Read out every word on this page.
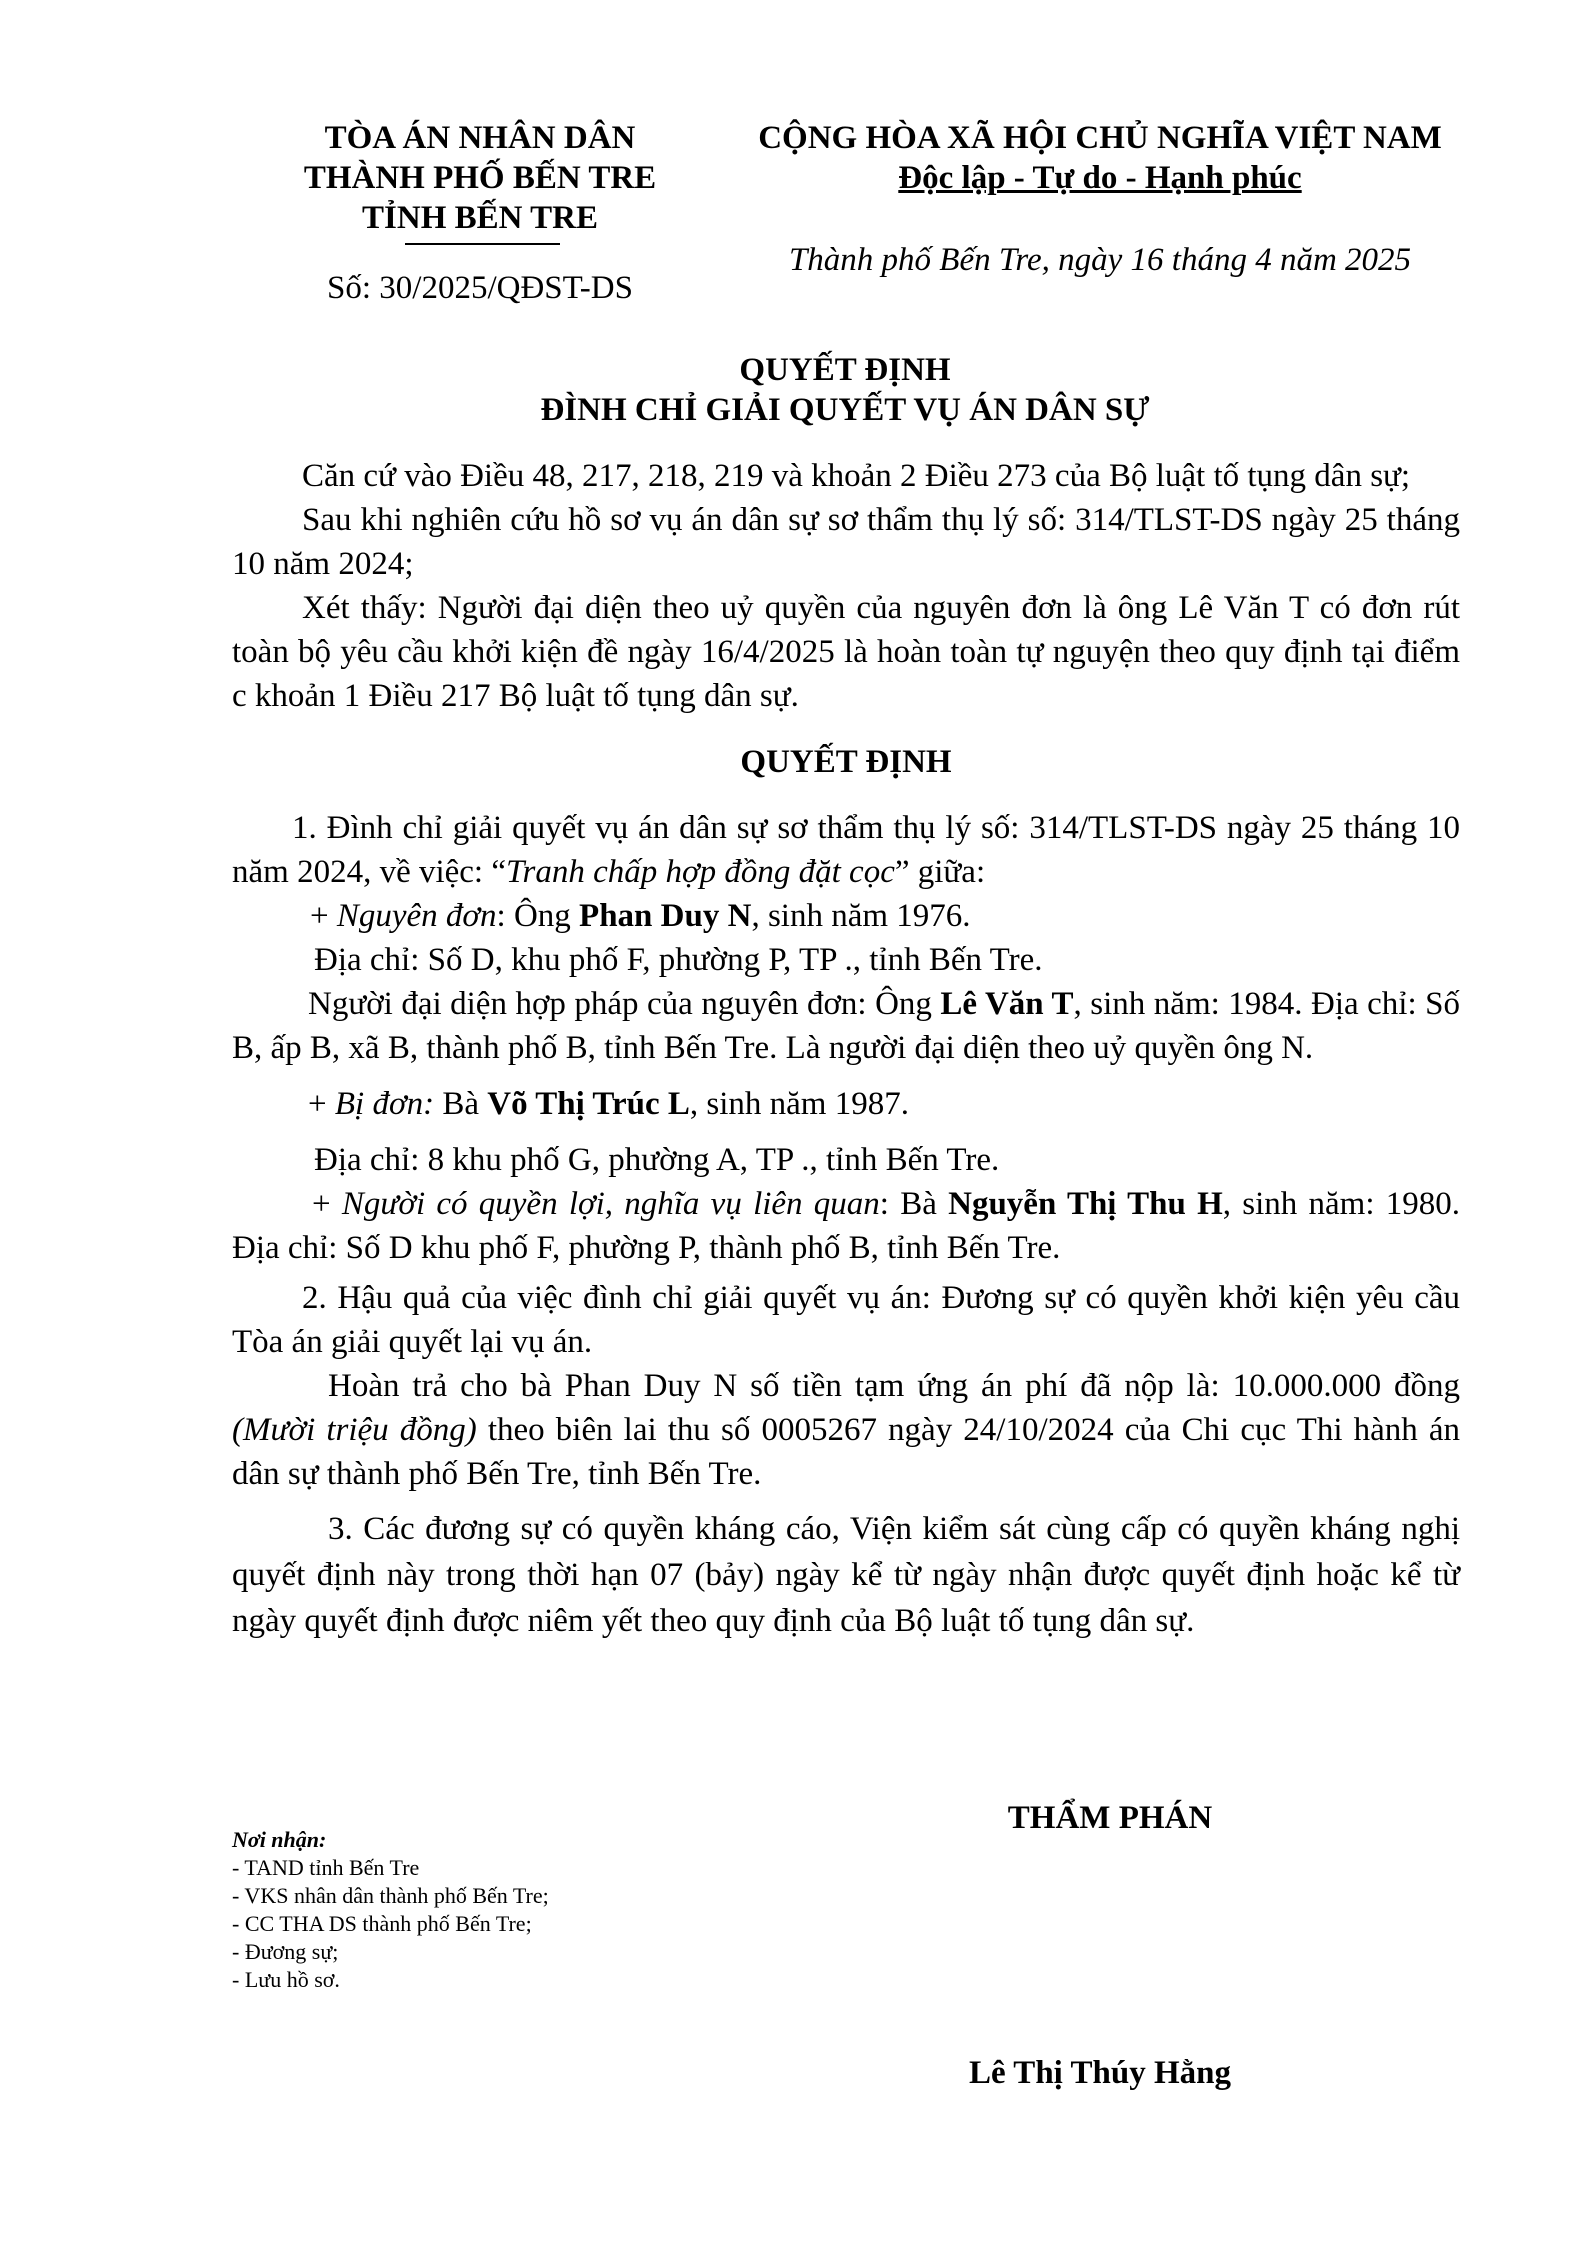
TÒA ÁN NHÂN DÂN
THÀNH PHỐ BẾN TRE
TỈNH BẾN TRE
Số: 30/2025/QĐST-DS
CỘNG HÒA XÃ HỘI CHỦ NGHĨA VIỆT NAM
Độc lập - Tự do - Hạnh phúc
Thành phố Bến Tre, ngày 16 tháng 4 năm 2025
QUYẾT ĐỊNH
ĐÌNH CHỈ GIẢI QUYẾT VỤ ÁN DÂN SỰ

Căn cứ vào Điều 48, 217, 218, 219 và khoản 2 Điều 273 của Bộ luật tố tụng dân sự;

Sau khi nghiên cứu hồ sơ vụ án dân sự sơ thẩm thụ lý số: 314/TLST-DS ngày 25 tháng 10 năm 2024;

Xét thấy: Người đại diện theo uỷ quyền của nguyên đơn là ông Lê Văn T có đơn rút toàn bộ yêu cầu khởi kiện đề ngày 16/4/2025 là hoàn toàn tự nguyện theo quy định tại điểm c khoản 1 Điều 217 Bộ luật tố tụng dân sự.

QUYẾT ĐỊNH

1. Đình chỉ giải quyết vụ án dân sự sơ thẩm thụ lý số: 314/TLST-DS ngày 25 tháng 10 năm 2024, về việc: “Tranh chấp hợp đồng đặt cọc” giữa:

+ Nguyên đơn: Ông Phan Duy N, sinh năm 1976.

Địa chỉ: Số D, khu phố F, phường P, TP ., tỉnh Bến Tre.

Người đại diện hợp pháp của nguyên đơn: Ông Lê Văn T, sinh năm: 1984. Địa chỉ: Số B, ấp B, xã B, thành phố B, tỉnh Bến Tre. Là người đại diện theo uỷ quyền ông N.

+ Bị đơn: Bà Võ Thị Trúc L, sinh năm 1987.

Địa chỉ: 8 khu phố G, phường A, TP ., tỉnh Bến Tre.

+ Người có quyền lợi, nghĩa vụ liên quan: Bà Nguyễn Thị Thu H, sinh năm: 1980. Địa chỉ: Số D khu phố F, phường P, thành phố B, tỉnh Bến Tre.

2. Hậu quả của việc đình chỉ giải quyết vụ án: Đương sự có quyền khởi kiện yêu cầu Tòa án giải quyết lại vụ án.

Hoàn trả cho bà Phan Duy N số tiền tạm ứng án phí đã nộp là: 10.000.000 đồng (Mười triệu đồng) theo biên lai thu số 0005267 ngày 24/10/2024 của Chi cục Thi hành án dân sự thành phố Bến Tre, tỉnh Bến Tre.

3. Các đương sự có quyền kháng cáo, Viện kiểm sát cùng cấp có quyền kháng nghị quyết định này trong thời hạn 07 (bảy) ngày kể từ ngày nhận được quyết định hoặc kể từ ngày quyết định được niêm yết theo quy định của Bộ luật tố tụng dân sự.

THẨM PHÁN
Lê Thị Thúy Hằng
Nơi nhận:
- TAND tỉnh Bến Tre
- VKS nhân dân thành phố Bến Tre;
- CC THA DS thành phố Bến Tre;
- Đương sự;
- Lưu hồ sơ.
